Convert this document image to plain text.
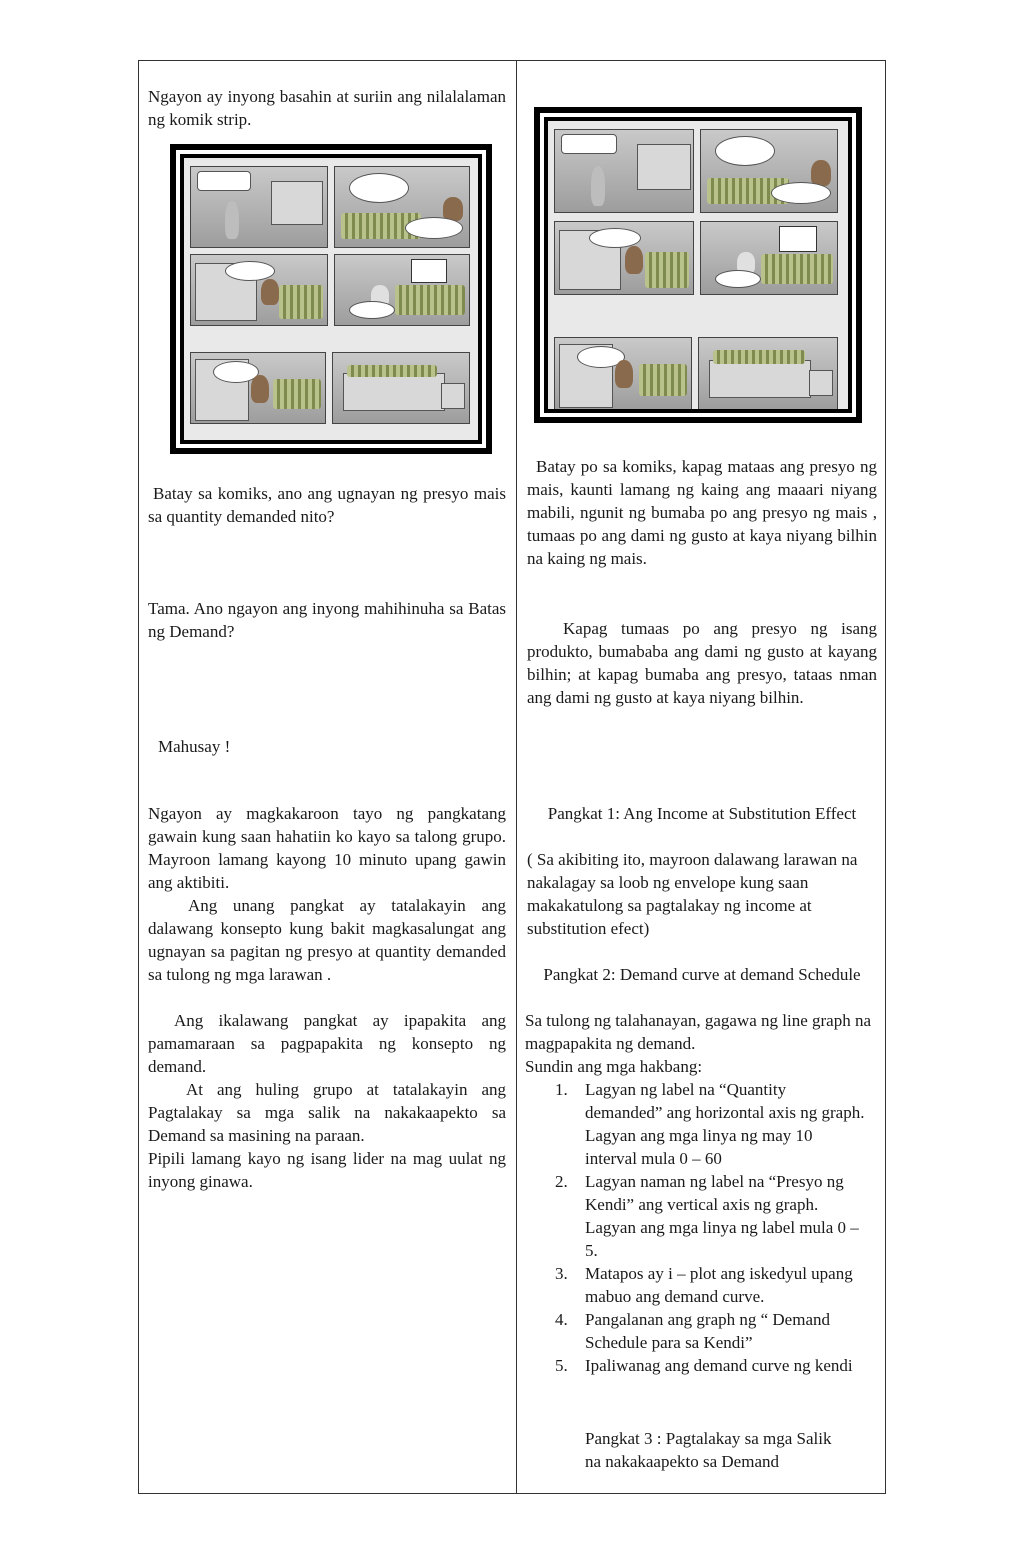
Ngayon ay inyong basahin at suriin ang nilalalaman ng komik strip.
Batay sa komiks, ano ang ugnayan ng presyo mais sa quantity demanded nito?
Tama. Ano ngayon ang inyong mahihinuha sa Batas ng Demand?
Mahusay !
Ngayon ay magkakaroon tayo ng pangkatang gawain kung saan hahatiin ko kayo sa talong grupo. Mayroon lamang kayong 10 minuto upang gawin ang aktibiti.
Ang unang pangkat ay tatalakayin ang dalawang konsepto kung bakit magkasalungat ang ugnayan sa pagitan ng presyo at quantity demanded sa tulong ng mga larawan .
Ang ikalawang pangkat ay ipapakita ang pamamaraan sa pagpapakita ng konsepto ng demand.
At ang huling grupo at tatalakayin ang Pagtalakay sa mga salik na nakakaapekto sa Demand sa masining na paraan.
Pipili lamang kayo ng isang lider na mag uulat ng inyong ginawa.
Batay po sa komiks, kapag mataas ang presyo ng mais, kaunti lamang ng kaing ang maaari niyang mabili, ngunit ng bumaba po ang presyo ng mais , tumaas po ang dami ng gusto at kaya niyang bilhin na kaing ng mais.
Kapag tumaas po ang presyo ng isang produkto, bumababa ang dami ng gusto at kayang bilhin; at kapag bumaba ang presyo, tataas nman ang dami ng gusto at kaya niyang bilhin.
Pangkat 1: Ang Income at Substitution Effect
( Sa akibiting ito, mayroon dalawang larawan na nakalagay sa loob ng envelope kung saan makakatulong sa pagtalakay ng income at substitution efect)
Pangkat 2: Demand curve at demand Schedule
Sa tulong ng talahanayan, gagawa ng line graph na magpapakita ng demand.
Sundin ang mga hakbang:
1. Lagyan ng label na “Quantity demanded” ang horizontal axis ng graph. Lagyan ang mga linya ng may 10 interval mula 0 – 60
2. Lagyan naman ng label na “Presyo ng Kendi” ang vertical axis ng graph. Lagyan ang mga linya ng label mula 0 – 5.
3. Matapos ay i – plot ang iskedyul upang mabuo ang demand curve.
4. Pangalanan ang graph ng “ Demand Schedule para sa Kendi”
5. Ipaliwanag ang demand curve ng kendi
Pangkat 3 : Pagtalakay sa mga Salik na nakakaapekto sa Demand
